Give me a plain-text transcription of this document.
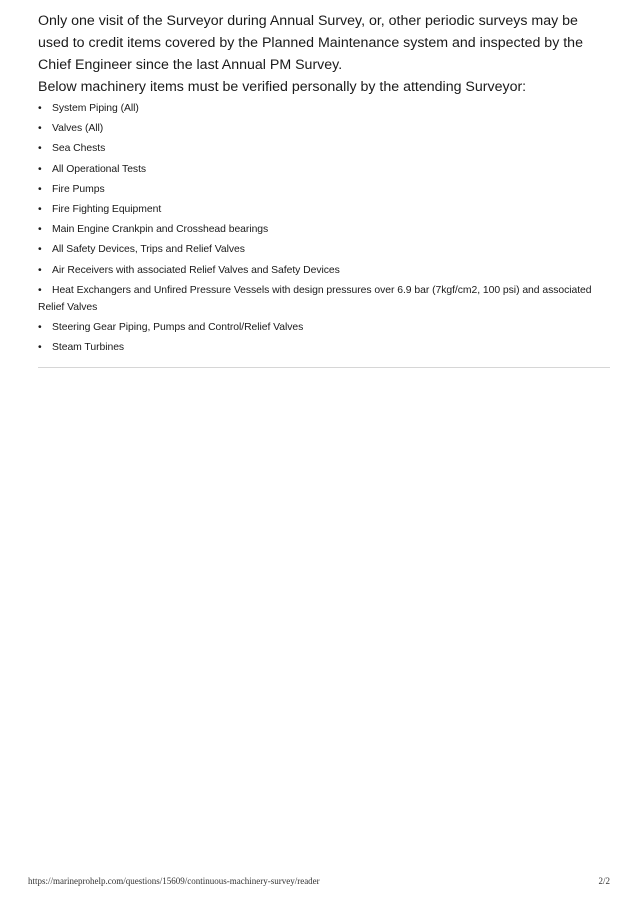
Only one visit of the Surveyor during Annual Survey, or, other periodic surveys may be

used to credit items covered by the Planned Maintenance system and inspected by the

Chief Engineer since the last Annual PM Survey.

Below machinery items must be verified personally by the attending Surveyor:

• System Piping (All)
• Valves (All)
• Sea Chests
• All Operational Tests
• Fire Pumps
• Fire Fighting Equipment
• Main Engine Crankpin and Crosshead bearings
• All Safety Devices, Trips and Relief Valves
• Air Receivers with associated Relief Valves and Safety Devices
• Heat Exchangers and Unfired Pressure Vessels with design pressures over 6.9 bar (7kgf/cm2, 100 psi) and associated Relief Valves
• Steering Gear Piping, Pumps and Control/Relief Valves
• Steam Turbines
https://marineprohelp.com/questions/15609/continuous-machinery-survey/reader	2/2
